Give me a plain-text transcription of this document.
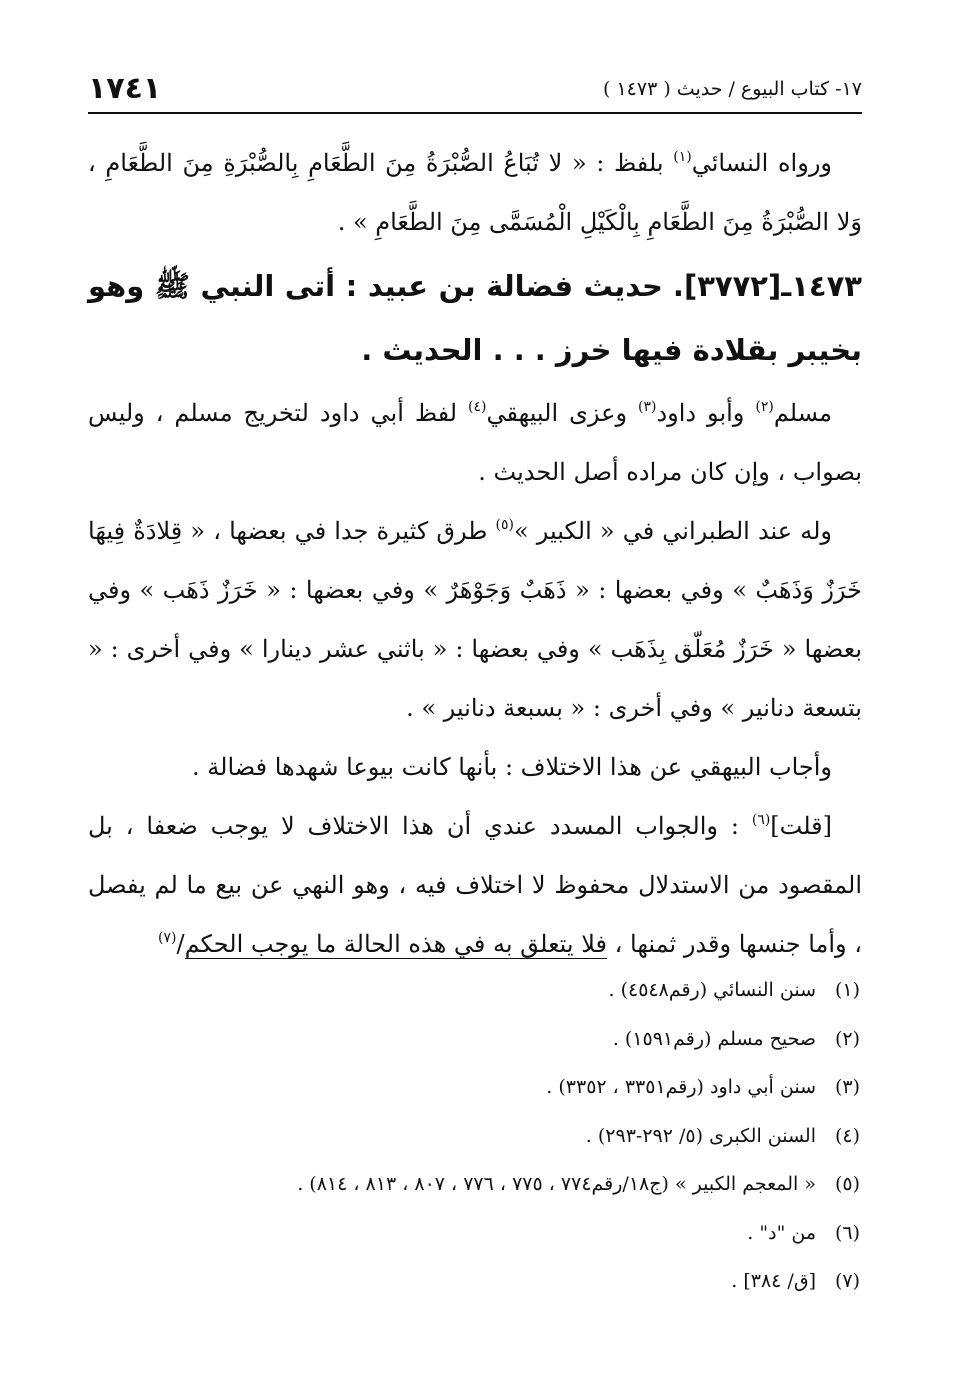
١٧- كتاب البيوع / حديث ( ١٤٧٣ )
١٧٤١

ورواه النسائي$^{(١)}$ بلفظ : « لا تُبَاعُ الصُّبْرَةُ مِنَ الطَّعَامِ بِالصُّبْرَةِ مِنَ الطَّعَامِ ، وَلا الصُّبْرَةُ مِنَ الطَّعَامِ بِالْكَيْلِ الْمُسَمَّى مِنَ الطَّعَامِ » .

١٤٧٣ـ[٣٧٧٢].حديث فضالة بن عبيد : أتى النبي ﷺ وهو بخيبر بقلادة فيها خرز . . . الحديث .

مسلم$^{(٢)}$ وأبو داود$^{(٣)}$ وعزى البيهقي$^{(٤)}$ لفظ أبي داود لتخريج مسلم ، وليس بصواب ، وإن كان مراده أصل الحديث .

وله عند الطبراني في « الكبير »$^{(٥)}$ طرق كثيرة جدا في بعضها ، « قِلادَةٌ فِيهَا خَرَزٌ وَذَهَبٌ » وفي بعضها : « ذَهَبٌ وَجَوْهَرٌ » وفي بعضها : « خَرَزٌ ذَهَب » وفي بعضها « خَرَزٌ مُعَلّق بِذَهَب » وفي بعضها : « باثني عشر دينارا » وفي أخرى : « بتسعة دنانير » وفي أخرى : « بسبعة دنانير » .

وأجاب البيهقي عن هذا الاختلاف : بأنها كانت بيوعا شهدها فضالة .

[قلت]$^{(٦)}$ : والجواب المسدد عندي أن هذا الاختلاف لا يوجب ضعفا ، بل المقصود من الاستدلال محفوظ لا اختلاف فيه ، وهو النهي عن بيع ما لم يفصل ، وأما جنسها وقدر ثمنها ، فلا يتعلق به في هذه الحالة ما يوجب الحكم/$^{(٧)}$

(١)
سنن النسائي (رقم٤٥٤٨) .
(٢)
صحيح مسلم (رقم١٥٩١) .
(٣)
سنن أبي داود (رقم٣٣٥١ ، ٣٣٥٢) .
(٤)
السنن الكبرى (٥/ ٢٩٢-٢٩٣) .
(٥)
« المعجم الكبير » (ج١٨/رقم٧٧٤ ، ٧٧٥ ، ٧٧٦ ، ٨٠٧ ، ٨١٣ ، ٨١٤) .
(٦)
من "د" .
(٧)
[ق/ ٣٨٤] .
